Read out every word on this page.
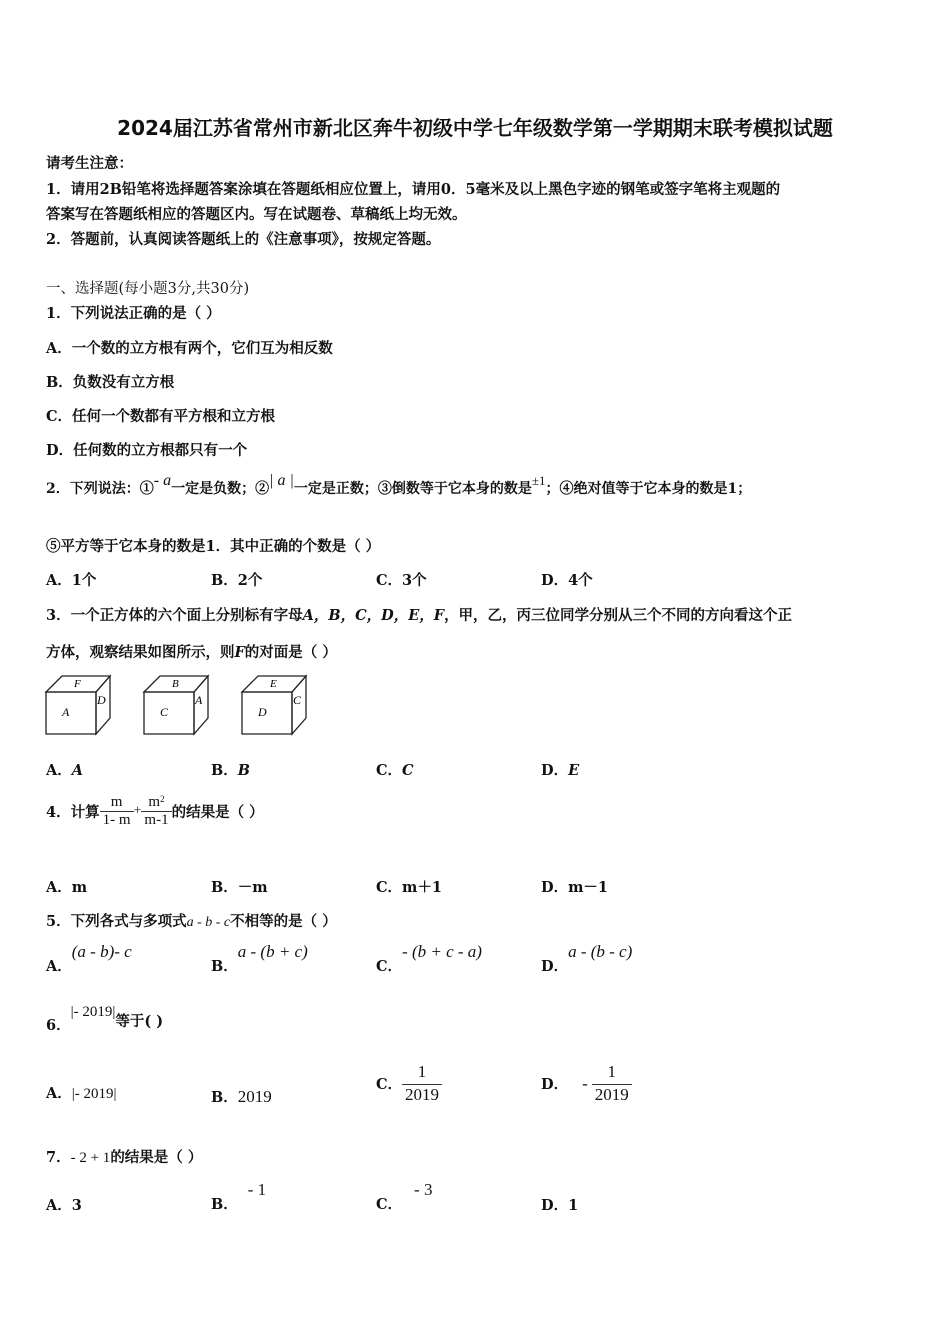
2024届江苏省常州市新北区奔牛初级中学七年级数学第一学期期末联考模拟试题
请考生注意：
1．请用2B铅笔将选择题答案涂填在答题纸相应位置上，请用0．5毫米及以上黑色字迹的钢笔或签字笔将主观题的
答案写在答题纸相应的答题区内。写在试题卷、草稿纸上均无效。
2．答题前，认真阅读答题纸上的《注意事项》，按规定答题。
一、选择题(每小题3分,共30分)
1．下列说法正确的是（ ）
A．一个数的立方根有两个，它们互为相反数
B．负数没有立方根
C．任何一个数都有平方根和立方根
D．任何数的立方根都只有一个
2．下列说法：①- a一定是负数；②| a |一定是正数；③倒数等于它本身的数是±1；④绝对值等于它本身的数是1；
⑤平方等于它本身的数是1．其中正确的个数是（ ）
A．1个	B．2个	C．3个	D．4个
3．一个正方体的六个面上分别标有字母A，B，C，D，E，F，甲，乙，丙三位同学分别从三个不同的方向看这个正
方体，观察结果如图所示，则F的对面是（ ）
F
A
D
B
C
A
E
D
C
A．A	B．B	C．C	D．E
4．计算 $\frac{m}{1- m} + \frac{m^2}{m-1}$ 的结果是（ ）
A．m	B．－m	C．m＋1	D．m－1
5．下列各式与多项式a - b - c不相等的是（ ）
A．(a - b)- c
B．a - (b + c)
C．- (b + c - a)
D．a - (b - c)
6．|- 2019|等于( )
A．|- 2019|	B．2019
C． $\frac{1}{2019}$	D． - $\frac{1}{2019}$
7．- 2 + 1的结果是（ ）
A．3	B．- 1
C．- 3
D．1
